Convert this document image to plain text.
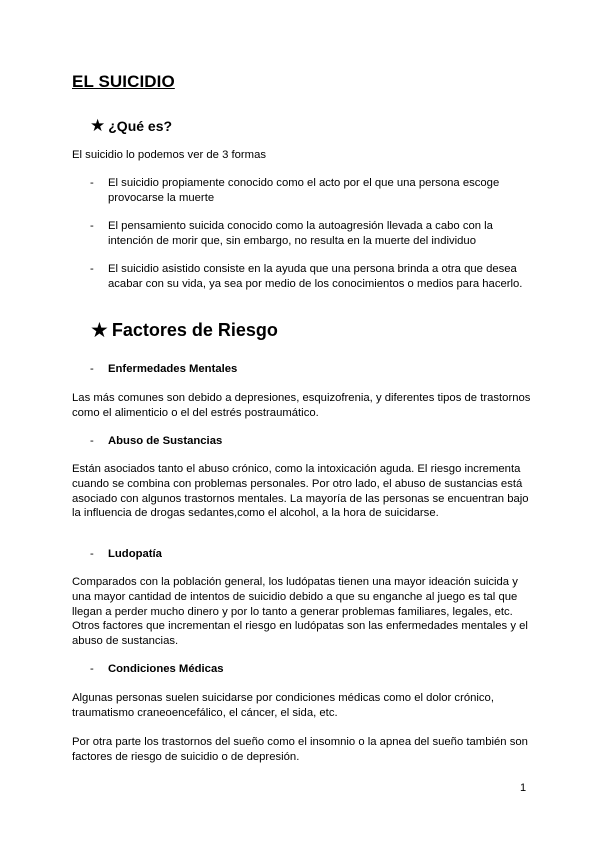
EL SUICIDIO
★ ¿Qué es?
El suicidio lo podemos ver de 3 formas
- El suicidio propiamente conocido como el acto por el que una persona escoge provocarse la muerte
- El pensamiento suicida conocido como la autoagresión llevada a cabo con la intención de morir que, sin embargo, no resulta en la muerte del individuo
- El suicidio asistido consiste en la ayuda que una persona brinda a otra que desea acabar con su vida, ya sea por medio de los conocimientos o medios para hacerlo.
★ Factores de Riesgo
- Enfermedades Mentales
Las más comunes son debido a depresiones, esquizofrenia, y diferentes tipos de trastornos como el alimenticio o el del estrés postraumático.
- Abuso de Sustancias
Están asociados tanto el abuso crónico, como la intoxicación aguda. El riesgo incrementa cuando se combina con problemas personales. Por otro lado, el abuso de sustancias está asociado con algunos trastornos mentales. La mayoría de las personas se encuentran bajo la influencia de drogas sedantes,como el alcohol, a la hora de suicidarse.
- Ludopatía
Comparados con la población general, los ludópatas tienen una mayor ideación suicida y una mayor cantidad de intentos de suicidio debido a que su enganche al juego es tal que llegan a perder mucho dinero y por lo tanto a generar problemas familiares, legales, etc. Otros factores que incrementan el riesgo en ludópatas son las enfermedades mentales y el abuso de sustancias.
- Condiciones Médicas
Algunas personas suelen suicidarse por condiciones médicas como el dolor crónico, traumatismo craneoencefálico, el cáncer, el sida, etc.
Por otra parte los trastornos del sueño como el insomnio o la apnea del sueño también son factores de riesgo de suicidio o de depresión.
1
